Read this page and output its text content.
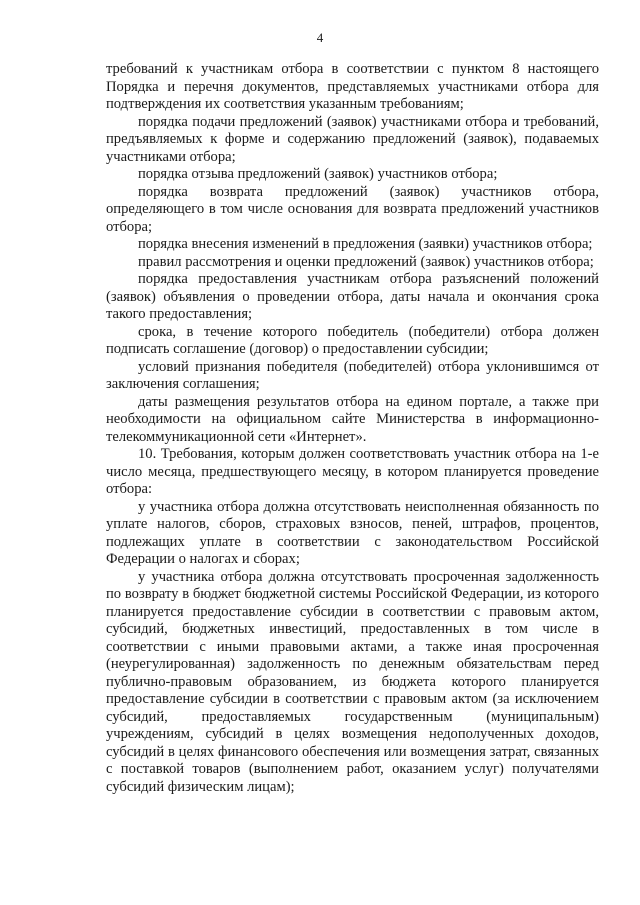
4

требований к участникам отбора в соответствии с пунктом 8 настоящего Порядка и перечня документов, представляемых участниками отбора для подтверждения их соответствия указанным требованиям;

порядка подачи предложений (заявок) участниками отбора и требований, предъявляемых к форме и содержанию предложений (заявок), подаваемых участниками отбора;

порядка отзыва предложений (заявок) участников отбора;

порядка возврата предложений (заявок) участников отбора, определяющего в том числе основания для возврата предложений участников отбора;

порядка внесения изменений в предложения (заявки) участников отбора;

правил рассмотрения и оценки предложений (заявок) участников отбора;

порядка предоставления участникам отбора разъяснений положений (заявок) объявления о проведении отбора, даты начала и окончания срока такого предоставления;

срока, в течение которого победитель (победители) отбора должен подписать соглашение (договор) о предоставлении субсидии;

условий признания победителя (победителей) отбора уклонившимся от заключения соглашения;

даты размещения результатов отбора на едином портале, а также при необходимости на официальном сайте Министерства в информационно-телекоммуникационной сети «Интернет».

10. Требования, которым должен соответствовать участник отбора на 1-е число месяца, предшествующего месяцу, в котором планируется проведение отбора:

у участника отбора должна отсутствовать неисполненная обязанность по уплате налогов, сборов, страховых взносов, пеней, штрафов, процентов, подлежащих уплате в соответствии с законодательством Российской Федерации о налогах и сборах;

у участника отбора должна отсутствовать просроченная задолженность по возврату в бюджет бюджетной системы Российской Федерации, из которого планируется предоставление субсидии в соответствии с правовым актом, субсидий, бюджетных инвестиций, предоставленных в том числе в соответствии с иными правовыми актами, а также иная просроченная (неурегулированная) задолженность по денежным обязательствам перед публично-правовым образованием, из бюджета которого планируется предоставление субсидии в соответствии с правовым актом (за исключением субсидий, предоставляемых государственным (муниципальным) учреждениям, субсидий в целях возмещения недополученных доходов, субсидий в целях финансового обеспечения или возмещения затрат, связанных с поставкой товаров (выполнением работ, оказанием услуг) получателями субсидий физическим лицам);
